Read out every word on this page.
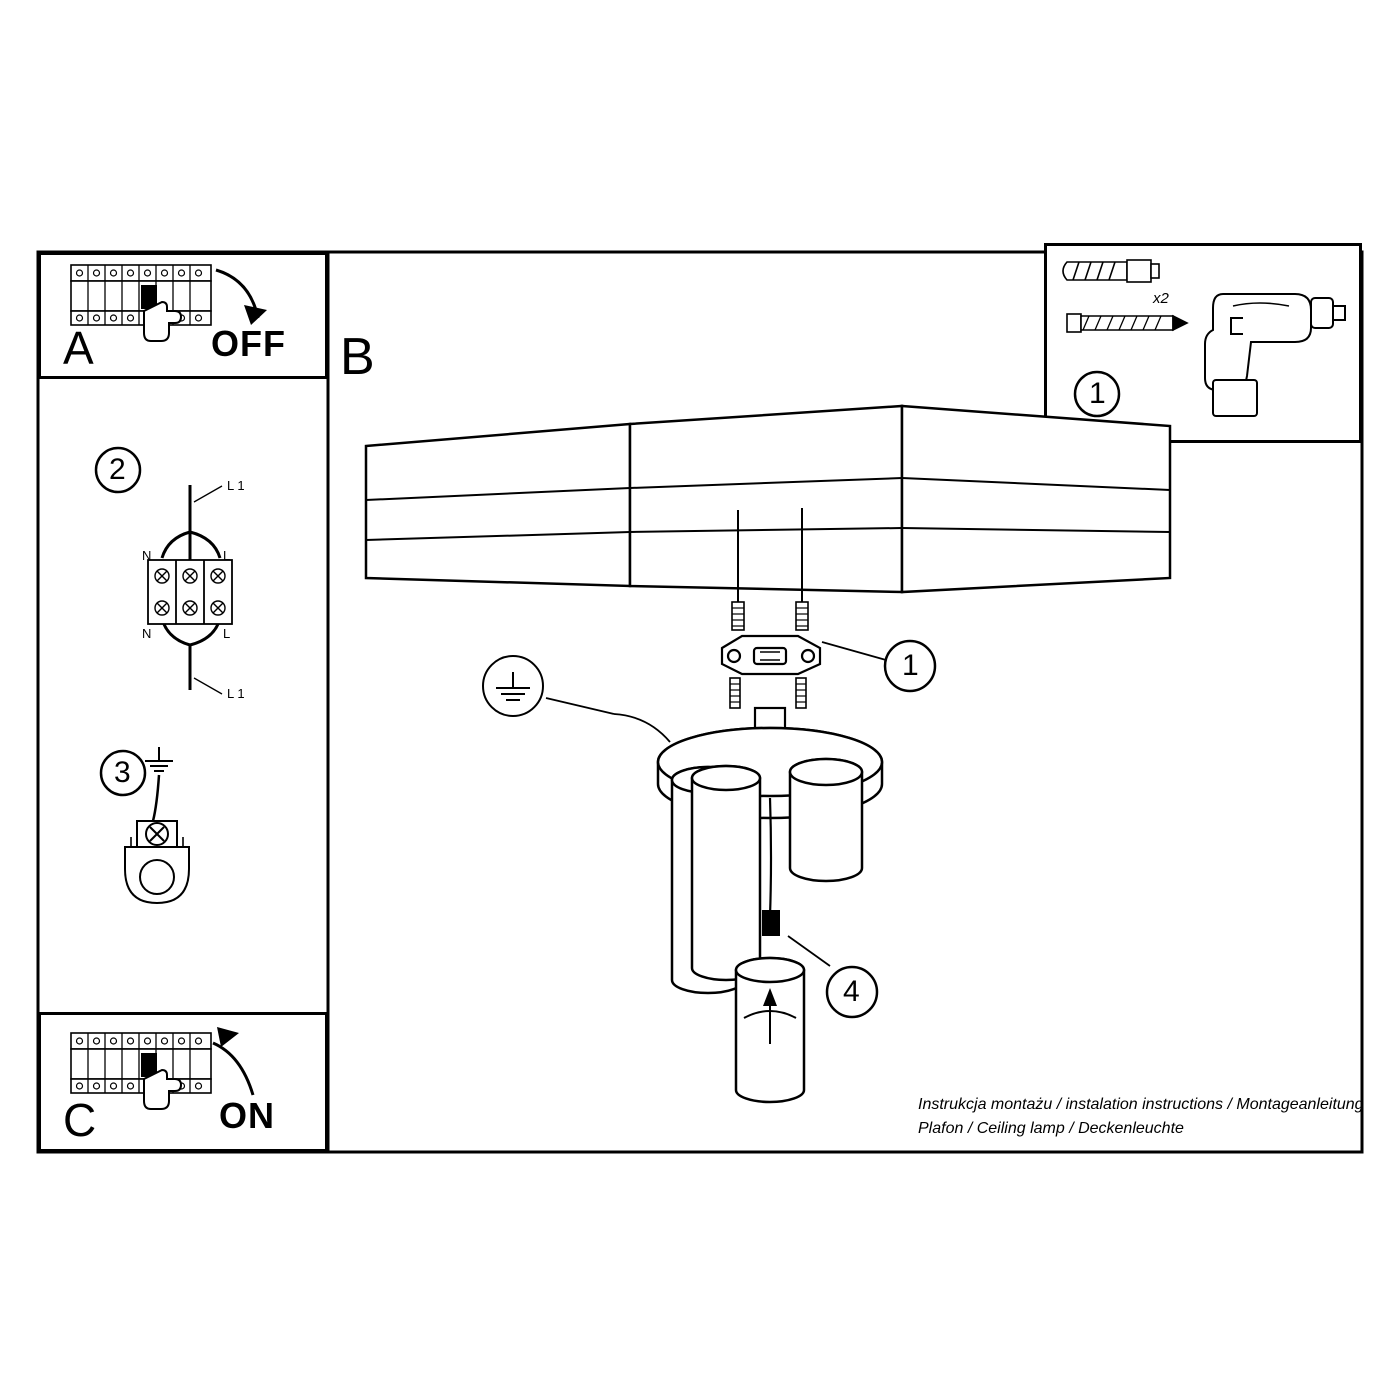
A	OFF B
x2
1
2	L 1
N	L
N	L
L 1
3
C	ON
1
4
Instrukcja montażu / instalation instructions / Montageanleitung
Plafon / Ceiling lamp / Deckenleuchte
